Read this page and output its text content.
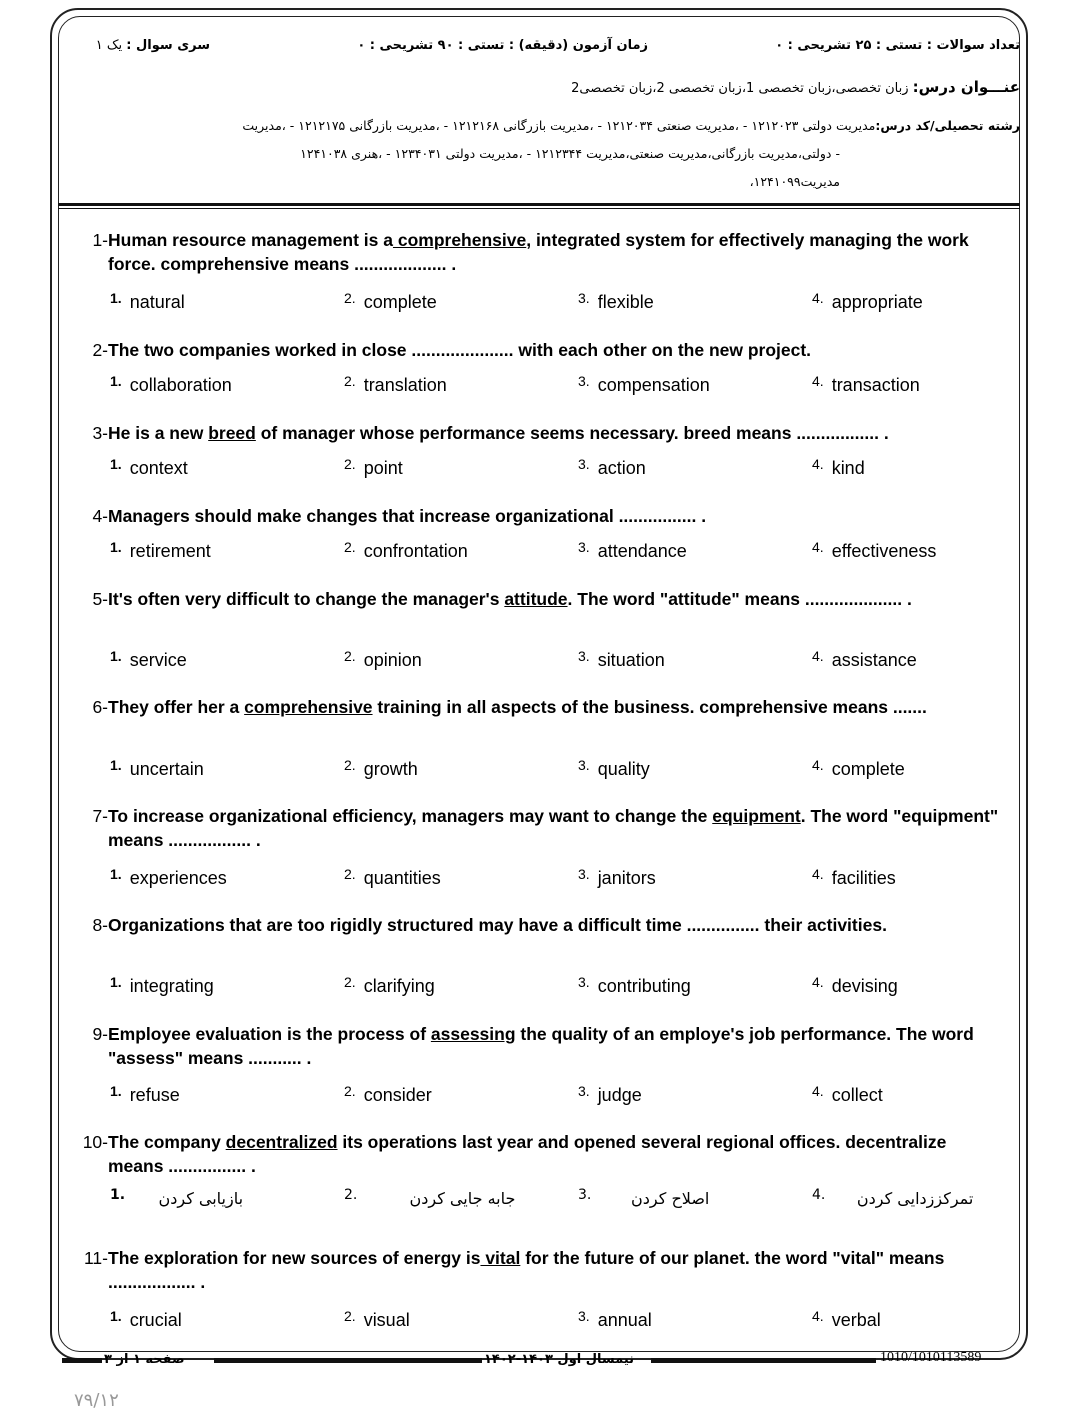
تعداد سوالات : تستی : ۲۵ تشریحی : ۰
زمان آزمون (دقیقه) : تستی : ۹۰ تشریحی : ۰
سری سوال : یک ۱
عنـــوان درس: زبان تخصصی،زبان تخصصی 1،زبان تخصصی 2،زبان تخصصی2
رشته تحصیلی/کد درس:مدیریت دولتی ۱۲۱۲۰۲۳ - ،مدیریت صنعتی ۱۲۱۲۰۳۴ - ،مدیریت بازرگانی ۱۲۱۲۱۶۸ - ،مدیریت بازرگانی ۱۲۱۲۱۷۵ - ،مدیریت
- دولتی،مدیریت بازرگانی،مدیریت صنعتی،مدیریت ۱۲۱۲۳۴۴ - ،مدیریت دولتی ۱۲۳۴۰۳۱ - ،هنری ۱۲۴۱۰۳۸
مدیریت۱۲۴۱۰۹۹،
1- Human resource management is a comprehensive, integrated system for effectively managing the work force. comprehensive means ................... .
$^{1.}$ natural	$^{2.}$ complete	$^{3.}$ flexible	$^{4.}$ appropriate
2- The two companies worked in close ..................... with each other on the new project.
$^{1.}$ collaboration	$^{2.}$ translation	$^{3.}$ compensation	$^{4.}$ transaction
3- He is a new breed of manager whose performance seems necessary. breed means ................. .
$^{1.}$ context	$^{2.}$ point	$^{3.}$ action	$^{4.}$ kind
4- Managers should make changes that increase organizational ................ .
$^{1.}$ retirement	$^{2.}$ confrontation	$^{3.}$ attendance	$^{4.}$ effectiveness
5- It's often very difficult to change the manager's attitude. The word "attitude" means .................... .
$^{1.}$ service	$^{2.}$ opinion	$^{3.}$ situation	$^{4.}$ assistance
6- They offer her a comprehensive training in all aspects of the business. comprehensive means .......
$^{1.}$ uncertain	$^{2.}$ growth	$^{3.}$ quality	$^{4.}$ complete
7- To increase organizational efficiency, managers may want to change the equipment. The word "equipment" means ................. .
$^{1.}$ experiences	$^{2.}$ quantities	$^{3.}$ janitors	$^{4.}$ facilities
8- Organizations that are too rigidly structured may have a difficult time ............... their activities.
$^{1.}$ integrating	$^{2.}$ clarifying	$^{3.}$ contributing	$^{4.}$ devising
9- Employee evaluation is the process of assessing the quality of an employe's job performance. The word "assess" means ........... .
$^{1.}$ refuse	$^{2.}$ consider	$^{3.}$ judge	$^{4.}$ collect
10- The company decentralized its operations last year and opened several regional offices. decentralize means ................ .
1. بازیابی کردن	2.	جابه جایی کردن	3. اصلاح کردن	4. تمرکززدایی کردن
11- The exploration for new sources of energy is vital for the future of our planet. the word "vital" means .................. .
$^{1.}$ crucial	$^{2.}$ visual	$^{3.}$ annual	$^{4.}$ verbal
صفحه ۱ از ۳	نیمسال اول ۱۴۰۳-۱۴۰۲	1010/1010113589
۷۹/۱۲
